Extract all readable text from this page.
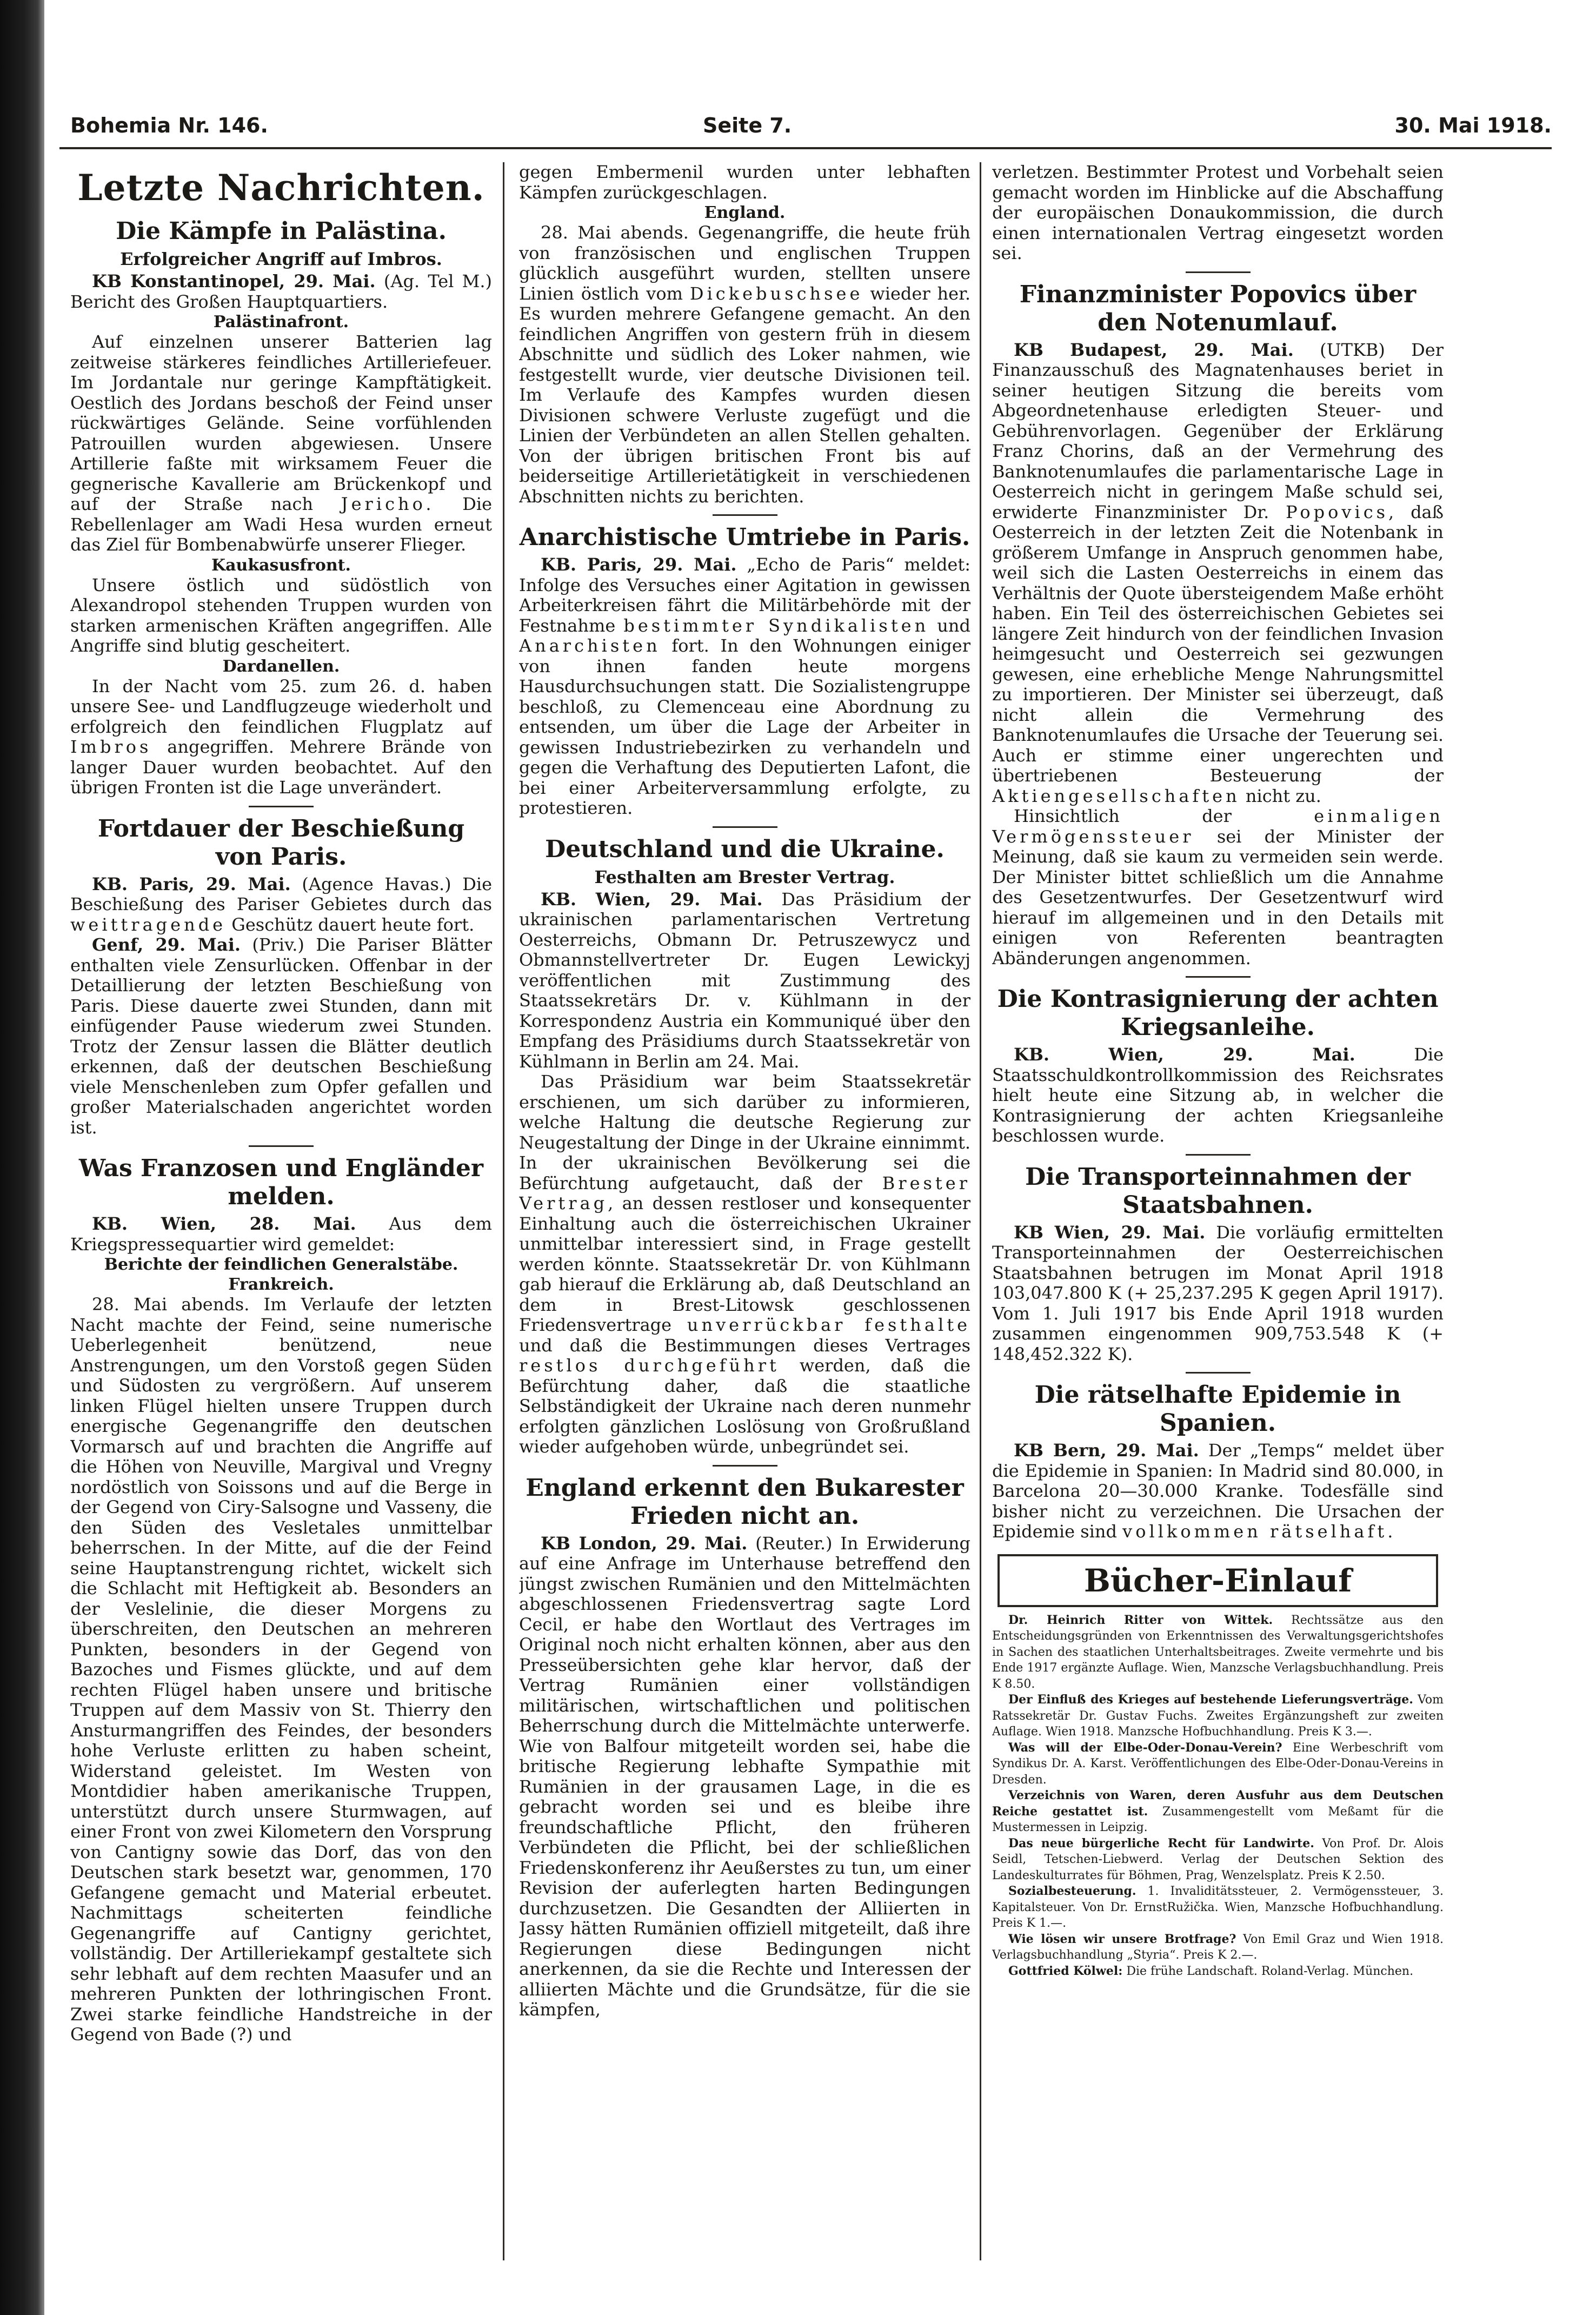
Bohemia Nr. 146.	Seite 7.	30. Mai 1918.
Letzte Nachrichten.
Die Kämpfe in Palästina.
Erfolgreicher Angriff auf Imbros.

KB Konstantinopel, 29. Mai. (Ag. Tel M.) Bericht des Großen Hauptquartiers.

Palästinafront.

Auf einzelnen unserer Batterien lag zeitweise stärkeres feindliches Artilleriefeuer. Im Jordantale nur geringe Kampftätigkeit. Oestlich des Jordans beschoß der Feind unser rückwärtiges Gelände. Seine vorfühlenden Patrouillen wurden abgewiesen. Unsere Artillerie faßte mit wirksamem Feuer die gegnerische Kavallerie am Brückenkopf und auf der Straße nach Jericho. Die Rebellenlager am Wadi Hesa wurden erneut das Ziel für Bombenabwürfe unserer Flieger.

Kaukasusfront.

Unsere östlich und südöstlich von Alexandropol stehenden Truppen wurden von starken armenischen Kräften angegriffen. Alle Angriffe sind blutig gescheitert.

Dardanellen.

In der Nacht vom 25. zum 26. d. haben unsere See- und Landflugzeuge wiederholt und erfolgreich den feindlichen Flugplatz auf Imbros angegriffen. Mehrere Brände von langer Dauer wurden beobachtet. Auf den übrigen Fronten ist die Lage unverändert.

Fortdauer der Beschießung von Paris.

KB. Paris, 29. Mai. (Agence Havas.) Die Beschießung des Pariser Gebietes durch das weittragende Geschütz dauert heute fort.

Genf, 29. Mai. (Priv.) Die Pariser Blätter enthalten viele Zensurlücken. Offenbar in der Detaillierung der letzten Beschießung von Paris. Diese dauerte zwei Stunden, dann mit einfügender Pause wiederum zwei Stunden. Trotz der Zensur lassen die Blätter deutlich erkennen, daß der deutschen Beschießung viele Menschenleben zum Opfer gefallen und großer Materialschaden angerichtet worden ist.

Was Franzosen und Engländer melden.

KB. Wien, 28. Mai. Aus dem Kriegspressequartier wird gemeldet:

Berichte der feindlichen Generalstäbe.
Frankreich.

28. Mai abends. Im Verlaufe der letzten Nacht machte der Feind, seine numerische Ueberlegenheit benützend, neue Anstrengungen, um den Vorstoß gegen Süden und Südosten zu vergrößern. Auf unserem linken Flügel hielten unsere Truppen durch energische Gegenangriffe den deutschen Vormarsch auf und brachten die Angriffe auf die Höhen von Neuville, Margival und Vregny nordöstlich von Soissons und auf die Berge in der Gegend von Ciry-Salsogne und Vasseny, die den Süden des Vesletales unmittelbar beherrschen. In der Mitte, auf die der Feind seine Hauptanstrengung richtet, wickelt sich die Schlacht mit Heftigkeit ab. Besonders an der Veslelinie, die dieser Morgens zu überschreiten, den Deutschen an mehreren Punkten, besonders in der Gegend von Bazoches und Fismes glückte, und auf dem rechten Flügel haben unsere und britische Truppen auf dem Massiv von St. Thierry den Ansturmangriffen des Feindes, der besonders hohe Verluste erlitten zu haben scheint, Widerstand geleistet. Im Westen von Montdidier haben amerikanische Truppen, unterstützt durch unsere Sturmwagen, auf einer Front von zwei Kilometern den Vorsprung von Cantigny sowie das Dorf, das von den Deutschen stark besetzt war, genommen, 170 Gefangene gemacht und Material erbeutet. Nachmittags scheiterten feindliche Gegenangriffe auf Cantigny gerichtet, vollständig. Der Artilleriekampf gestaltete sich sehr lebhaft auf dem rechten Maasufer und an mehreren Punkten der lothringischen Front. Zwei starke feindliche Handstreiche in der Gegend von Bade (?) und

gegen Embermenil wurden unter lebhaften Kämpfen zurückgeschlagen.

England.

28. Mai abends. Gegenangriffe, die heute früh von französischen und englischen Truppen glücklich ausgeführt wurden, stellten unsere Linien östlich vom Dickebuschsee wieder her. Es wurden mehrere Gefangene gemacht. An den feindlichen Angriffen von gestern früh in diesem Abschnitte und südlich des Loker nahmen, wie festgestellt wurde, vier deutsche Divisionen teil. Im Verlaufe des Kampfes wurden diesen Divisionen schwere Verluste zugefügt und die Linien der Verbündeten an allen Stellen gehalten. Von der übrigen britischen Front bis auf beiderseitige Artillerietätigkeit in verschiedenen Abschnitten nichts zu berichten.

Anarchistische Umtriebe in Paris.

KB. Paris, 29. Mai. „Echo de Paris“ meldet: Infolge des Versuches einer Agitation in gewissen Arbeiterkreisen fährt die Militärbehörde mit der Festnahme bestimmter Syndikalisten und Anarchisten fort. In den Wohnungen einiger von ihnen fanden heute morgens Hausdurchsuchungen statt. Die Sozialistengruppe beschloß, zu Clemenceau eine Abordnung zu entsenden, um über die Lage der Arbeiter in gewissen Industriebezirken zu verhandeln und gegen die Verhaftung des Deputierten Lafont, die bei einer Arbeiterversammlung erfolgte, zu protestieren.

Deutschland und die Ukraine.
Festhalten am Brester Vertrag.

KB. Wien, 29. Mai. Das Präsidium der ukrainischen parlamentarischen Vertretung Oesterreichs, Obmann Dr. Petruszewycz und Obmannstellvertreter Dr. Eugen Lewickyj veröffentlichen mit Zustimmung des Staatssekretärs Dr. v. Kühlmann in der Korrespondenz Austria ein Kommuniqué über den Empfang des Präsidiums durch Staatssekretär von Kühlmann in Berlin am 24. Mai.

Das Präsidium war beim Staatssekretär erschienen, um sich darüber zu informieren, welche Haltung die deutsche Regierung zur Neugestaltung der Dinge in der Ukraine einnimmt. In der ukrainischen Bevölkerung sei die Befürchtung aufgetaucht, daß der Brester Vertrag, an dessen restloser und konsequenter Einhaltung auch die österreichischen Ukrainer unmittelbar interessiert sind, in Frage gestellt werden könnte. Staatssekretär Dr. von Kühlmann gab hierauf die Erklärung ab, daß Deutschland an dem in Brest-Litowsk geschlossenen Friedensvertrage unverrückbar festhalte und daß die Bestimmungen dieses Vertrages restlos durchgeführt werden, daß die Befürchtung daher, daß die staatliche Selbständigkeit der Ukraine nach deren nunmehr erfolgten gänzlichen Loslösung von Großrußland wieder aufgehoben würde, unbegründet sei.

England erkennt den Bukarester Frieden nicht an.

KB London, 29. Mai. (Reuter.) In Erwiderung auf eine Anfrage im Unterhause betreffend den jüngst zwischen Rumänien und den Mittelmächten abgeschlossenen Friedensvertrag sagte Lord Cecil, er habe den Wortlaut des Vertrages im Original noch nicht erhalten können, aber aus den Presseübersichten gehe klar hervor, daß der Vertrag Rumänien einer vollständigen militärischen, wirtschaftlichen und politischen Beherrschung durch die Mittelmächte unterwerfe. Wie von Balfour mitgeteilt worden sei, habe die britische Regierung lebhafte Sympathie mit Rumänien in der grausamen Lage, in die es gebracht worden sei und es bleibe ihre freundschaftliche Pflicht, den früheren Verbündeten die Pflicht, bei der schließlichen Friedenskonferenz ihr Aeußerstes zu tun, um einer Revision der auferlegten harten Bedingungen durchzusetzen. Die Gesandten der Alliierten in Jassy hätten Rumänien offiziell mitgeteilt, daß ihre Regierungen diese Bedingungen nicht anerkennen, da sie die Rechte und Interessen der alliierten Mächte und die Grundsätze, für die sie kämpfen,

verletzen. Bestimmter Protest und Vorbehalt seien gemacht worden im Hinblicke auf die Abschaffung der europäischen Donaukommission, die durch einen internationalen Vertrag eingesetzt worden sei.

Finanzminister Popovics über den Notenumlauf.

KB Budapest, 29. Mai. (UTKB) Der Finanzausschuß des Magnatenhauses beriet in seiner heutigen Sitzung die bereits vom Abgeordnetenhause erledigten Steuer- und Gebührenvorlagen. Gegenüber der Erklärung Franz Chorins, daß an der Vermehrung des Banknotenumlaufes die parlamentarische Lage in Oesterreich nicht in geringem Maße schuld sei, erwiderte Finanzminister Dr. Popovics, daß Oesterreich in der letzten Zeit die Notenbank in größerem Umfange in Anspruch genommen habe, weil sich die Lasten Oesterreichs in einem das Verhältnis der Quote übersteigendem Maße erhöht haben. Ein Teil des österreichischen Gebietes sei längere Zeit hindurch von der feindlichen Invasion heimgesucht und Oesterreich sei gezwungen gewesen, eine erhebliche Menge Nahrungsmittel zu importieren. Der Minister sei überzeugt, daß nicht allein die Vermehrung des Banknotenumlaufes die Ursache der Teuerung sei. Auch er stimme einer ungerechten und übertriebenen Besteuerung der Aktiengesellschaften nicht zu.

Hinsichtlich der	einmaligen Vermögenssteuer sei der Minister der Meinung, daß sie kaum zu vermeiden sein werde. Der Minister bittet schließlich um die Annahme des Gesetzentwurfes. Der Gesetzentwurf wird hierauf im allgemeinen und in den Details mit einigen von Referenten beantragten Abänderungen angenommen.

Die Kontrasignierung der achten Kriegsanleihe.

KB. Wien, 29. Mai.	Die Staatsschuldkontrollkommission des Reichsrates hielt heute eine Sitzung ab, in welcher die Kontrasignierung der achten Kriegsanleihe beschlossen wurde.

Die Transporteinnahmen der Staatsbahnen.

KB Wien, 29. Mai. Die vorläufig ermittelten Transporteinnahmen der Oesterreichischen Staatsbahnen betrugen im Monat April 1918 103,047.800 K (+ 25,237.295 K gegen April 1917). Vom 1. Juli 1917 bis Ende April 1918 wurden zusammen eingenommen 909,753.548 K (+ 148,452.322 K).

Die rätselhafte Epidemie in Spanien.

KB Bern, 29. Mai. Der „Temps“ meldet über die Epidemie in Spanien: In Madrid sind 80.000, in Barcelona 20—30.000 Kranke. Todesfälle sind bisher nicht zu verzeichnen. Die Ursachen der Epidemie sind vollkommen rätselhaft.

Bücher-Einlauf

Dr. Heinrich Ritter von Wittek. Rechtssätze aus den Entscheidungsgründen von Erkenntnissen des Verwaltungsgerichtshofes in Sachen des staatlichen Unterhaltsbeitrages. Zweite vermehrte und bis Ende 1917 ergänzte Auflage. Wien, Manzsche Verlagsbuchhandlung. Preis K 8.50.

Der Einfluß des Krieges auf bestehende Lieferungsverträge. Vom Ratssekretär Dr. Gustav Fuchs. Zweites Ergänzungsheft zur zweiten Auflage. Wien 1918. Manzsche Hofbuchhandlung. Preis K 3.—.

Was will der Elbe-Oder-Donau-Verein? Eine Werbeschrift vom Syndikus Dr. A. Karst. Veröffentlichungen des Elbe-Oder-Donau-Vereins in Dresden.

Verzeichnis von Waren, deren Ausfuhr aus dem Deutschen Reiche gestattet ist. Zusammengestellt vom Meßamt für die Mustermessen in Leipzig.

Das neue bürgerliche Recht für Landwirte. Von Prof. Dr. Alois Seidl, Tetschen-Liebwerd. Verlag der Deutschen Sektion des Landeskulturrates für Böhmen, Prag, Wenzelsplatz. Preis K 2.50.

Sozialbesteuerung. 1. Invaliditätssteuer, 2. Vermögenssteuer, 3. Kapitalsteuer. Von Dr. ErnstRužička. Wien, Manzsche Hofbuchhandlung. Preis K 1.—.

Wie lösen wir unsere Brotfrage? Von Emil Graz und Wien 1918. Verlagsbuchhandlung „Styria“. Preis K 2.—.

Gottfried Kölwel: Die frühe Landschaft. Roland-Verlag. München.
